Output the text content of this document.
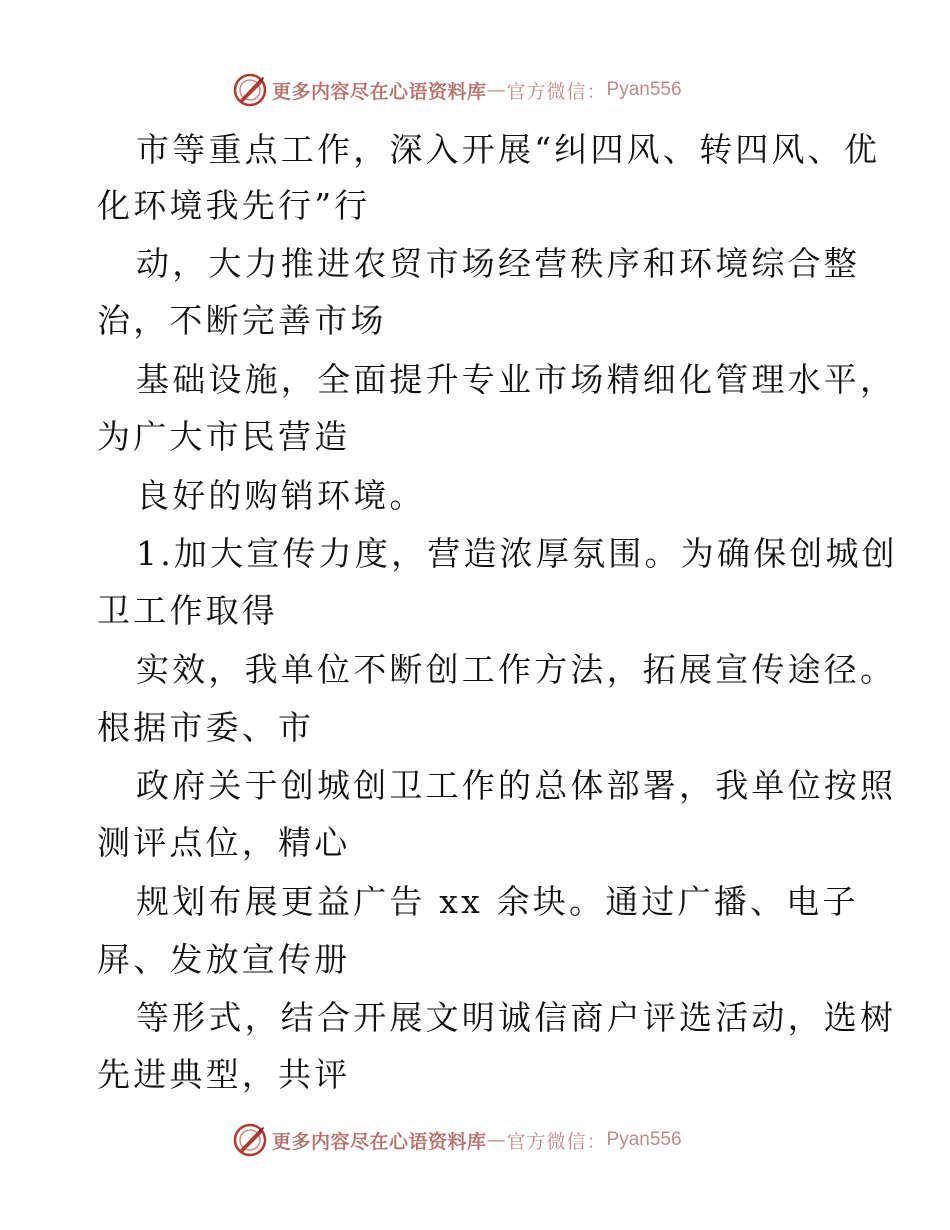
更多内容尽在心语资料库 — 官方微信： Pyan556
市等重点工作，深入开展“纠四风、转四风、优
化环境我先行”行
动，大力推进农贸市场经营秩序和环境综合整
治，不断完善市场
基础设施，全面提升专业市场精细化管理水平，
为广大市民营造
良好的购销环境。
1.加大宣传力度，营造浓厚氛围。为确保创城创
卫工作取得
实效，我单位不断创工作方法，拓展宣传途径。
根据市委、市
政府关于创城创卫工作的总体部署，我单位按照
测评点位，精心
规划布展更益广告 xx 余块。通过广播、电子
屏、发放宣传册
等形式，结合开展文明诚信商户评选活动，选树
先进典型，共评
更多内容尽在心语资料库 — 官方微信： Pyan556
